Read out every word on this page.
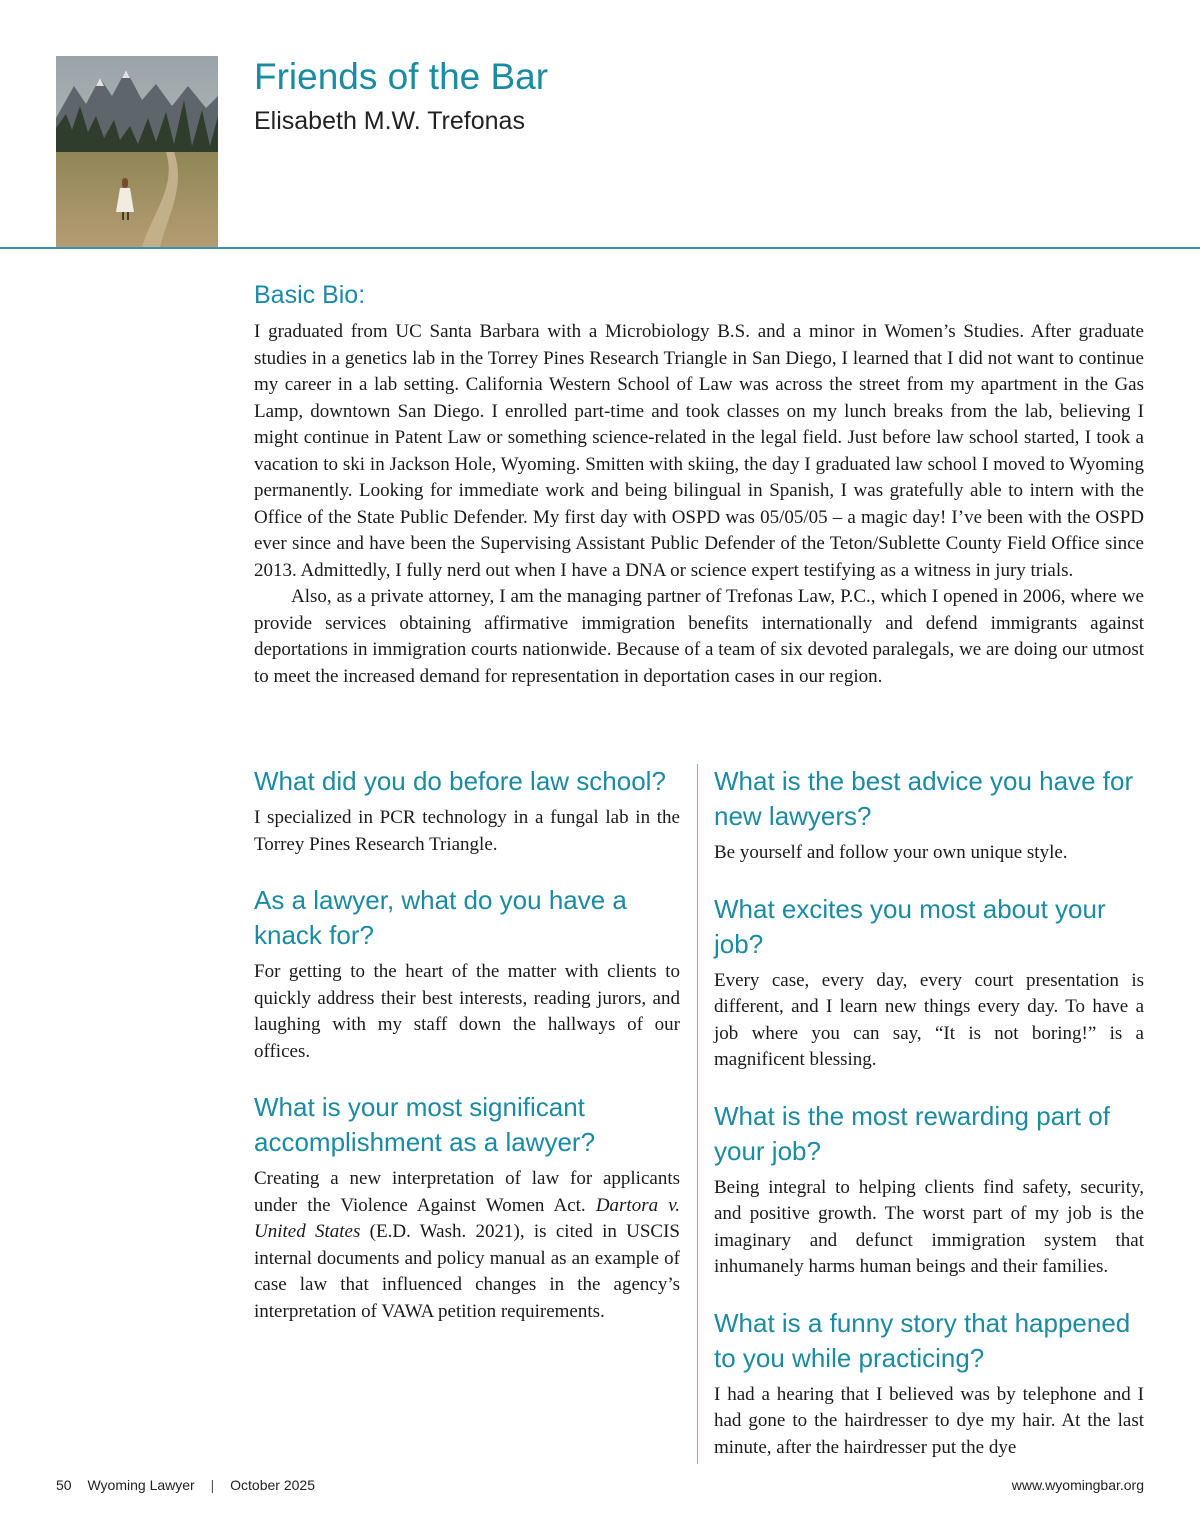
Friends of the Bar
Elisabeth M.W. Trefonas
Basic Bio:

I graduated from UC Santa Barbara with a Microbiology B.S. and a minor in Women’s Studies. After graduate studies in a genetics lab in the Torrey Pines Research Triangle in San Diego, I learned that I did not want to continue my career in a lab setting. California Western School of Law was across the street from my apartment in the Gas Lamp, downtown San Diego. I enrolled part-time and took classes on my lunch breaks from the lab, believing I might continue in Patent Law or something science-related in the legal field. Just before law school started, I took a vacation to ski in Jackson Hole, Wyoming. Smitten with skiing, the day I graduated law school I moved to Wyoming permanently. Looking for immediate work and being bilingual in Spanish, I was gratefully able to intern with the Office of the State Public Defender. My first day with OSPD was 05/05/05 – a magic day! I’ve been with the OSPD ever since and have been the Supervising Assistant Public Defender of the Teton/Sublette County Field Office since 2013. Admittedly, I fully nerd out when I have a DNA or science expert testifying as a witness in jury trials.

Also, as a private attorney, I am the managing partner of Trefonas Law, P.C., which I opened in 2006, where we provide services obtaining affirmative immigration benefits internationally and defend immigrants against deportations in immigration courts nationwide. Because of a team of six devoted paralegals, we are doing our utmost to meet the increased demand for representation in deportation cases in our region.

What did you do before law school?

I specialized in PCR technology in a fungal lab in the Torrey Pines Research Triangle.

As a lawyer, what do you have a knack for?

For getting to the heart of the matter with clients to quickly address their best interests, reading jurors, and laughing with my staff down the hallways of our offices.

What is your most significant accomplishment as a lawyer?

Creating a new interpretation of law for applicants under the Violence Against Women Act. Dartora v. United States (E.D. Wash. 2021), is cited in USCIS internal documents and policy manual as an example of case law that influenced changes in the agency’s interpretation of VAWA petition requirements.

What is the best advice you have for new lawyers?

Be yourself and follow your own unique style.

What excites you most about your job?

Every case, every day, every court presentation is different, and I learn new things every day. To have a job where you can say, “It is not boring!” is a magnificent blessing.

What is the most rewarding part of your job?

Being integral to helping clients find safety, security, and positive growth. The worst part of my job is the imaginary and defunct immigration system that inhumanely harms human beings and their families.

What is a funny story that happened to you while practicing?

I had a hearing that I believed was by telephone and I had gone to the hairdresser to dye my hair. At the last minute, after the hairdresser put the dye

50 Wyoming Lawyer | October 2025	www.wyomingbar.org
